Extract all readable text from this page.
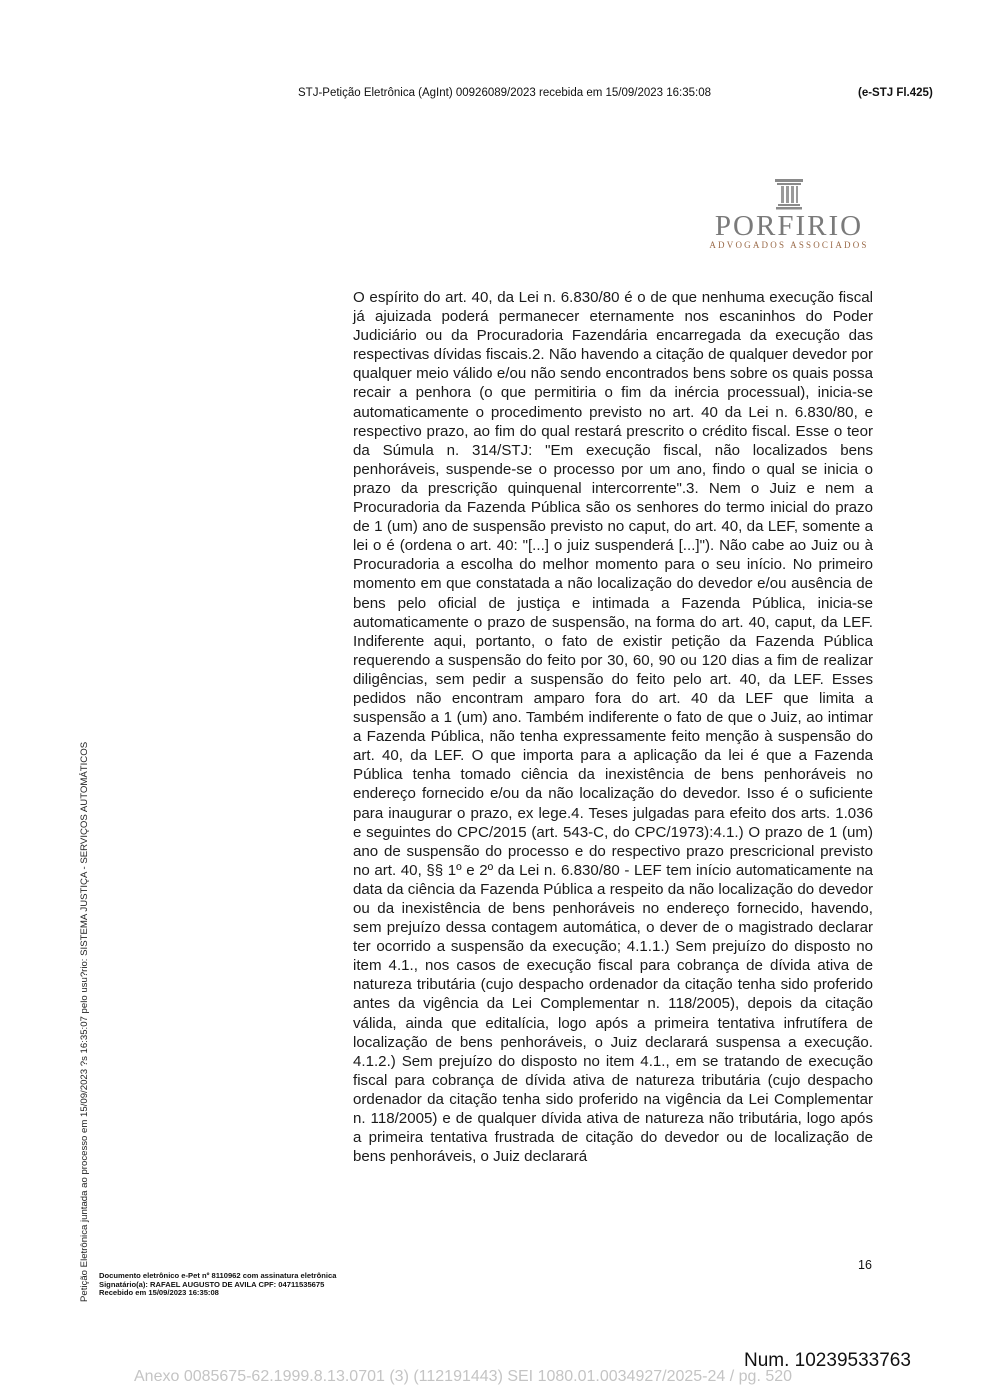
STJ-Petição Eletrônica (AgInt) 00926089/2023 recebida em 15/09/2023 16:35:08	(e-STJ Fl.425)
PORFIRIO
ADVOGADOS ASSOCIADOS
O espírito do art. 40, da Lei n. 6.830/80 é o de que nenhuma execução fiscal já ajuizada poderá permanecer eternamente nos escaninhos do Poder Judiciário ou da Procuradoria Fazendária encarregada da execução das respectivas dívidas fiscais.2. Não havendo a citação de qualquer devedor por qualquer meio válido e/ou não sendo encontrados bens sobre os quais possa recair a penhora (o que permitiria o fim da inércia processual), inicia-se automaticamente o procedimento previsto no art. 40 da Lei n. 6.830/80, e respectivo prazo, ao fim do qual restará prescrito o crédito fiscal. Esse o teor da Súmula n. 314/STJ: "Em execução fiscal, não localizados bens penhoráveis, suspende-se o processo por um ano, findo o qual se inicia o prazo da prescrição quinquenal intercorrente".3. Nem o Juiz e nem a Procuradoria da Fazenda Pública são os senhores do termo inicial do prazo de 1 (um) ano de suspensão previsto no caput, do art. 40, da LEF, somente a lei o é (ordena o art. 40: "[...] o juiz suspenderá [...]"). Não cabe ao Juiz ou à Procuradoria a escolha do melhor momento para o seu início. No primeiro momento em que constatada a não localização do devedor e/ou ausência de bens pelo oficial de justiça e intimada a Fazenda Pública, inicia-se automaticamente o prazo de suspensão, na forma do art. 40, caput, da LEF. Indiferente aqui, portanto, o fato de existir petição da Fazenda Pública requerendo a suspensão do feito por 30, 60, 90 ou 120 dias a fim de realizar diligências, sem pedir a suspensão do feito pelo art. 40, da LEF. Esses pedidos não encontram amparo fora do art. 40 da LEF que limita a suspensão a 1 (um) ano. Também indiferente o fato de que o Juiz, ao intimar a Fazenda Pública, não tenha expressamente feito menção à suspensão do art. 40, da LEF. O que importa para a aplicação da lei é que a Fazenda Pública tenha tomado ciência da inexistência de bens penhoráveis no endereço fornecido e/ou da não localização do devedor. Isso é o suficiente para inaugurar o prazo, ex lege.4. Teses julgadas para efeito dos arts. 1.036 e seguintes do CPC/2015 (art. 543-C, do CPC/1973):4.1.) O prazo de 1 (um) ano de suspensão do processo e do respectivo prazo prescricional previsto no art. 40, §§ 1º e 2º da Lei n. 6.830/80 - LEF tem início automaticamente na data da ciência da Fazenda Pública a respeito da não localização do devedor ou da inexistência de bens penhoráveis no endereço fornecido, havendo, sem prejuízo dessa contagem automática, o dever de o magistrado declarar ter ocorrido a suspensão da execução; 4.1.1.) Sem prejuízo do disposto no item 4.1., nos casos de execução fiscal para cobrança de dívida ativa de natureza tributária (cujo despacho ordenador da citação tenha sido proferido antes da vigência da Lei Complementar n. 118/2005), depois da citação válida, ainda que editalícia, logo após a primeira tentativa infrutífera de localização de bens penhoráveis, o Juiz declarará suspensa a execução. 4.1.2.) Sem prejuízo do disposto no item 4.1., em se tratando de execução fiscal para cobrança de dívida ativa de natureza tributária (cujo despacho ordenador da citação tenha sido proferido na vigência da Lei Complementar n. 118/2005) e de qualquer dívida ativa de natureza não tributária, logo após a primeira tentativa frustrada de citação do devedor ou de localização de bens penhoráveis, o Juiz declarará
16
Petição Eletrônica juntada ao processo em 15/09/2023 ?s 16:35:07 pelo usu?rio: SISTEMA JUSTIÇA - SERVIÇOS AUTOMÁTICOS Documento eletrônico e-Pet nº 8110962 com assinatura eletrônica
Signatário(a): RAFAEL AUGUSTO DE AVILA CPF: 04711535675
Recebido em 15/09/2023 16:35:08
Num. 10239533763
Anexo 0085675-62.1999.8.13.0701 (3) (112191443) SEI 1080.01.0034927/2025-24 / pg. 520
